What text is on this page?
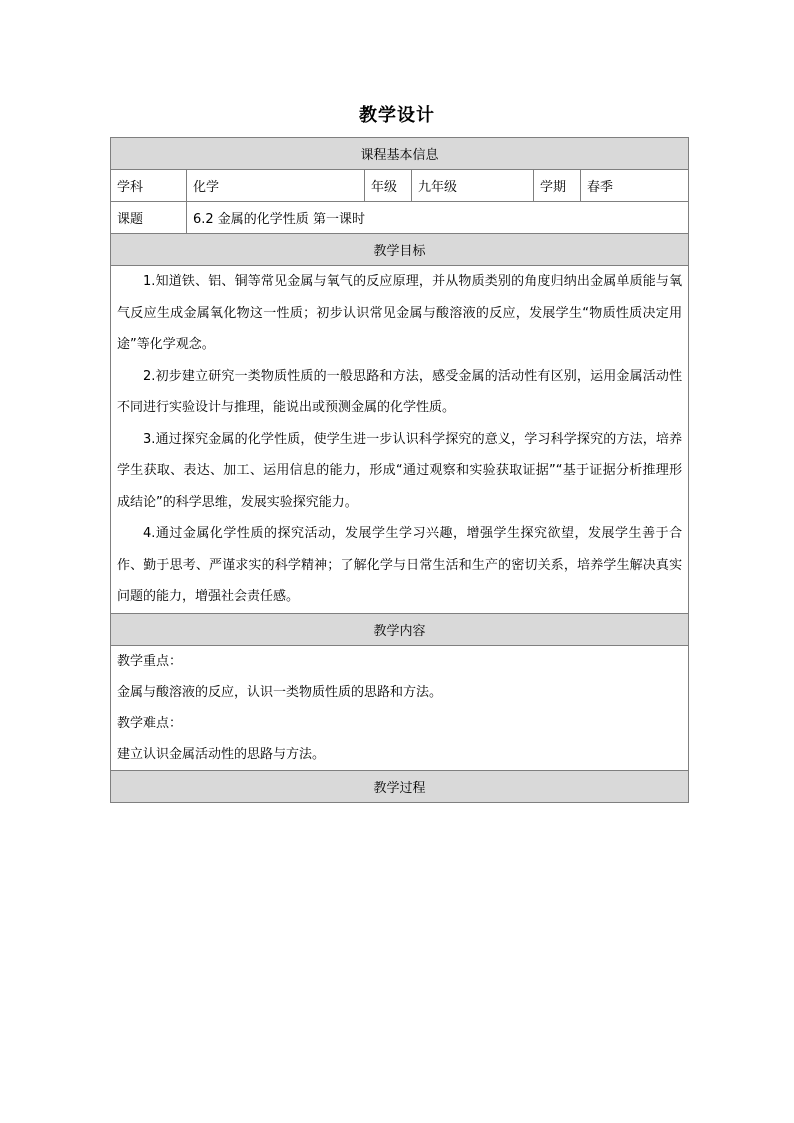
教学设计
课程基本信息					
学科	化学	年级	九年级	学期	春季
课题	6.2 金属的化学性质 第一课时				
教学目标					

1.知道铁、铝、铜等常见金属与氧气的反应原理，并从物质类别的角度归纳出金属单质能与氧气反应生成金属氧化物这一性质；初步认识常见金属与酸溶液的反应，发展学生“物质性质决定用途”等化学观念。

2.初步建立研究一类物质性质的一般思路和方法，感受金属的活动性有区别，运用金属活动性不同进行实验设计与推理，能说出或预测金属的化学性质。

3.通过探究金属的化学性质，使学生进一步认识科学探究的意义，学习科学探究的方法，培养学生获取、表达、加工、运用信息的能力，形成“通过观察和实验获取证据”“基于证据分析推理形成结论”的科学思维，发展实验探究能力。

4.通过金属化学性质的探究活动，发展学生学习兴趣，增强学生探究欲望，发展学生善于合作、勤于思考、严谨求实的科学精神；了解化学与日常生活和生产的密切关系，培养学生解决真实问题的能力，增强社会责任感。					

教学内容					

教学重点：

金属与酸溶液的反应，认识一类物质性质的思路和方法。

教学难点：

建立认识金属活动性的思路与方法。					

教学过程					
